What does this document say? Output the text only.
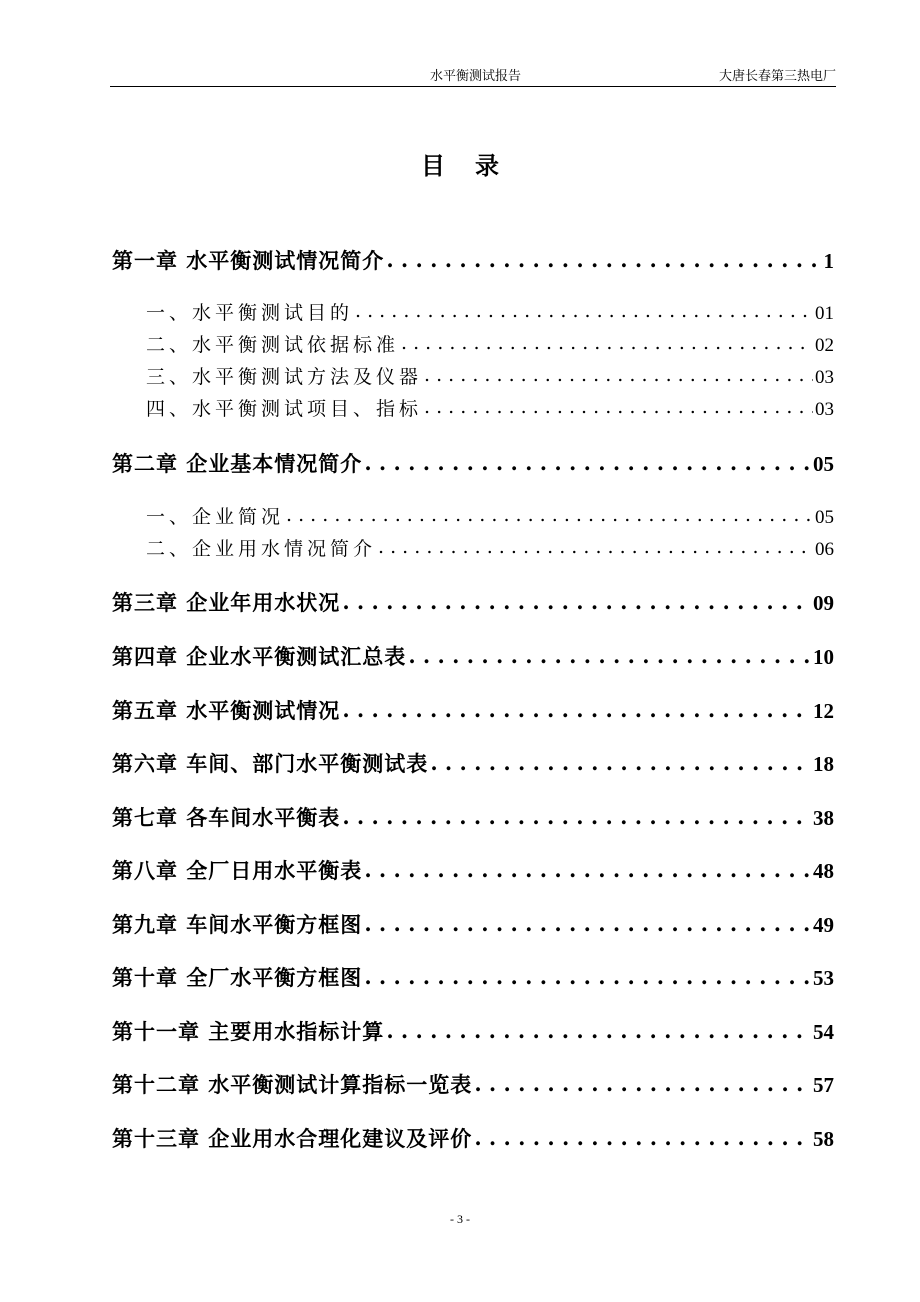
水平衡测试报告	大唐长春第三热电厂
目录
第一章 水平衡测试情况简介 . . .	1
一、水平衡测试目的 . . .	01
二、水平衡测试依据标准 . . .	02
三、水平衡测试方法及仪器 . . .	03
四、水平衡测试项目、指标 . . .	03
第二章 企业基本情况简介 . . .	05
一、企业简况 . . .	05
二、企业用水情况简介 . . .	06
第三章 企业年用水状况 . . .	09
第四章 企业水平衡测试汇总表 . . .	10
第五章 水平衡测试情况 . . .	12
第六章 车间、部门水平衡测试表 . . .	18
第七章 各车间水平衡表 . . .	38
第八章 全厂日用水平衡表 . . .	48
第九章 车间水平衡方框图 . . .	49
第十章 全厂水平衡方框图 . . .	53
第十一章 主要用水指标计算 . . .	54
第十二章 水平衡测试计算指标一览表 . . .	57
第十三章 企业用水合理化建议及评价 . . .	58
- 3 -
